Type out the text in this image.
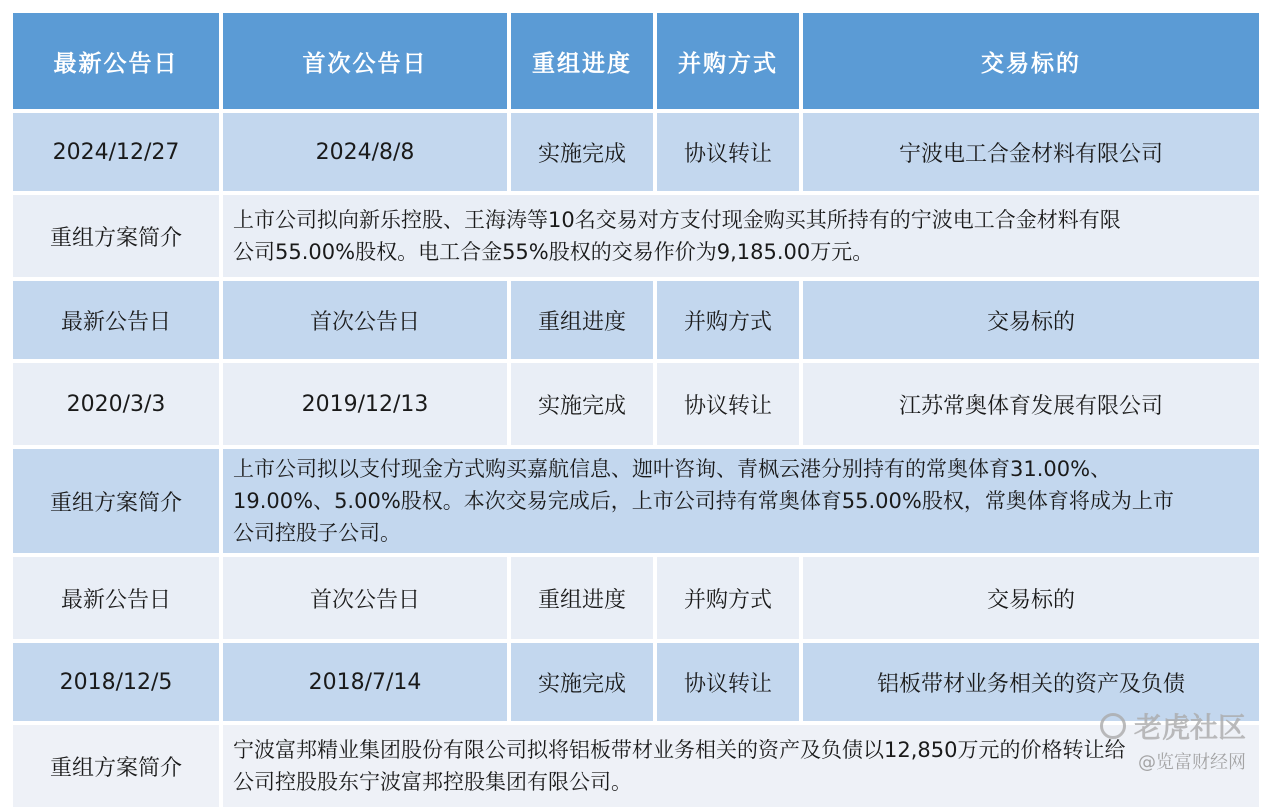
最新公告日	首次公告日	重组进度	并购方式	交易标的
2024/12/27	2024/8/8	实施完成	协议转让	宁波电工合金材料有限公司
重组方案简介
上市公司拟向新乐控股、王海涛等10名交易对方支付现金购买其所持有的宁波电工合金材料有限
公司55.00%股权。电工合金55%股权的交易作价为9,185.00万元。
最新公告日	首次公告日	重组进度	并购方式	交易标的
2020/3/3	2019/12/13	实施完成	协议转让	江苏常奥体育发展有限公司
重组方案简介
上市公司拟以支付现金方式购买嘉航信息、迦叶咨询、青枫云港分别持有的常奥体育31.00%、
19.00%、5.00%股权。本次交易完成后，上市公司持有常奥体育55.00%股权，常奥体育将成为上市
公司控股子公司。
最新公告日	首次公告日	重组进度	并购方式	交易标的
2018/12/5	2018/7/14	实施完成	协议转让	铝板带材业务相关的资产及负债
重组方案简介
宁波富邦精业集团股份有限公司拟将铝板带材业务相关的资产及负债以12,850万元的价格转让给
公司控股股东宁波富邦控股集团有限公司。
老虎社区
@览富财经网
